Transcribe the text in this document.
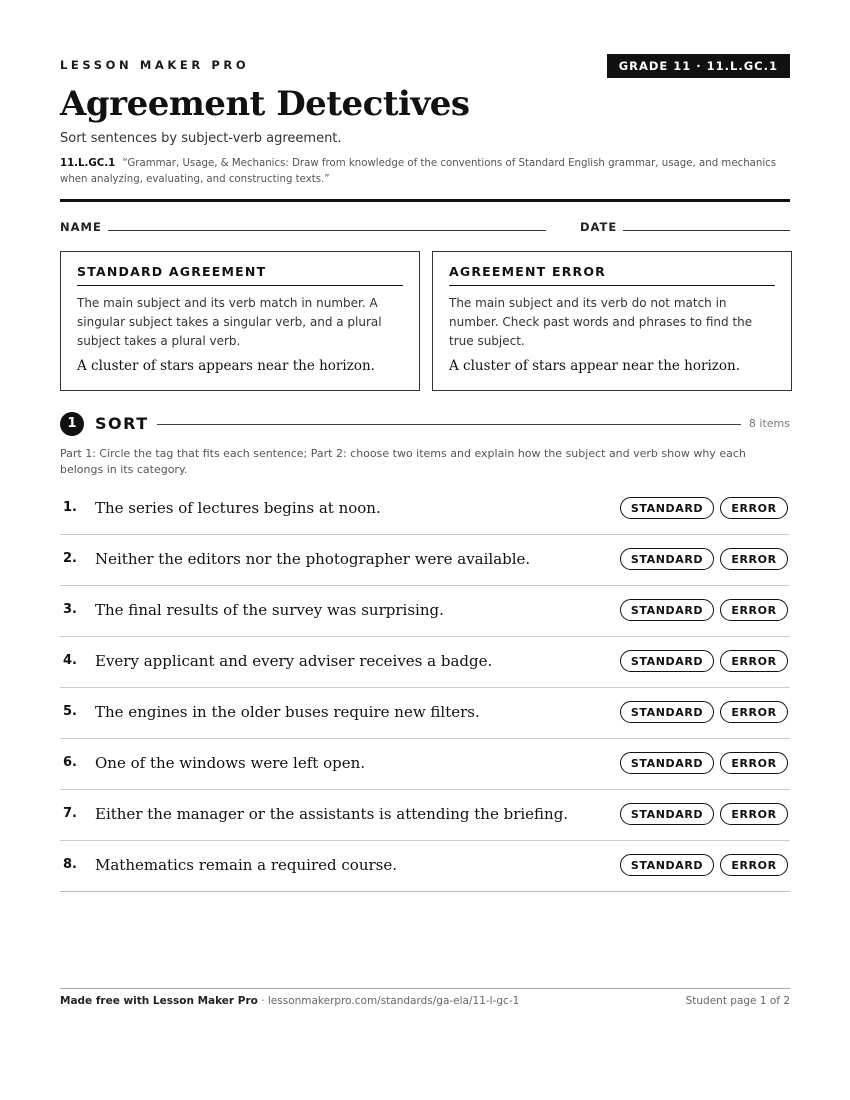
LESSON MAKER PRO	GRADE 11 · 11.L.GC.1
Agreement Detectives
Sort sentences by subject-verb agreement.
11.L.GC.1 “Grammar, Usage, & Mechanics: Draw from knowledge of the conventions of Standard English grammar, usage, and mechanics when analyzing, evaluating, and constructing texts.”
NAME	DATE
STANDARD AGREEMENT

The main subject and its verb match in number. A singular subject takes a singular verb, and a plural subject takes a plural verb.

A cluster of stars appears near the horizon.

AGREEMENT ERROR

The main subject and its verb do not match in number. Check past words and phrases to find the true subject.

A cluster of stars appear near the horizon.

1	SORT	8 items
Part 1: Circle the tag that fits each sentence; Part 2: choose two items and explain how the subject and verb show why each belongs in its category.
1. The series of lectures begins at noon.	STANDARD	ERROR
2. Neither the editors nor the photographer were available.	STANDARD	ERROR
3. The final results of the survey was surprising.	STANDARD	ERROR
4. Every applicant and every adviser receives a badge.	STANDARD	ERROR
5. The engines in the older buses require new filters.	STANDARD	ERROR
6. One of the windows were left open.	STANDARD	ERROR
7. Either the manager or the assistants is attending the briefing.	STANDARD	ERROR
8. Mathematics remain a required course.	STANDARD	ERROR
Made free with Lesson Maker Pro · lessonmakerpro.com/standards/ga-ela/11-l-gc-1	Student page 1 of 2
